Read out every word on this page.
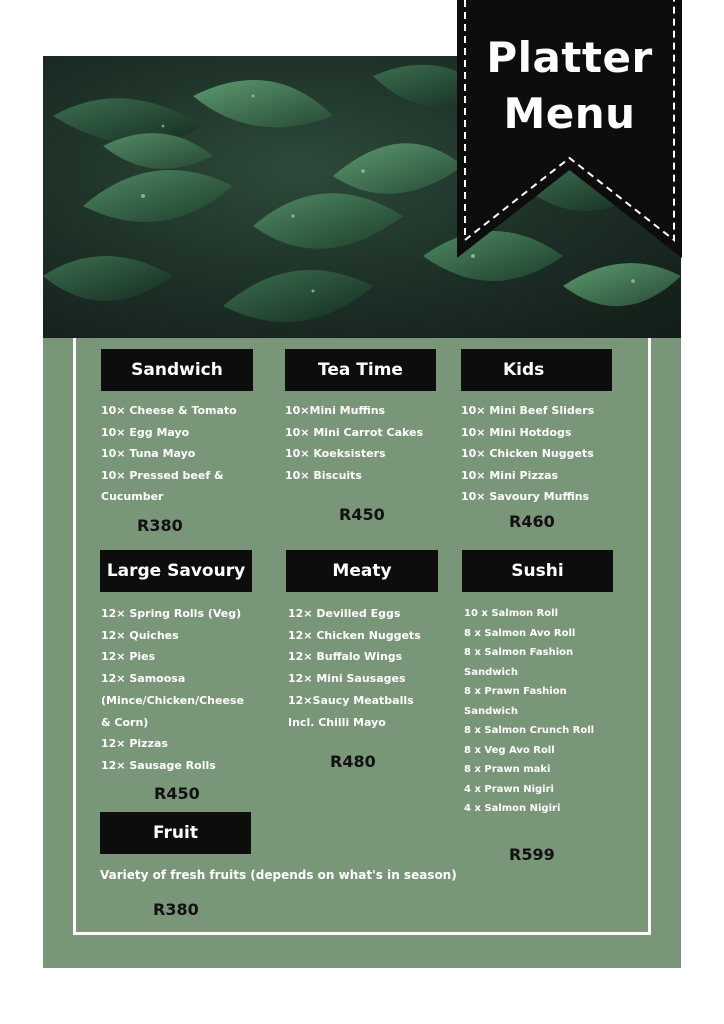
Platter
Menu
Sandwich
10× Cheese & Tomato
10× Egg Mayo
10× Tuna Mayo
10× Pressed beef &
Cucumber
R380
Tea Time
10×Mini Muffins
10× Mini Carrot Cakes
10× Koeksisters
10× Biscuits
R450
Kids
10× Mini Beef Sliders
10× Mini Hotdogs
10× Chicken Nuggets
10× Mini Pizzas
10× Savoury Muffins
R460
Large Savoury
12× Spring Rolls (Veg)
12× Quiches
12× Pies
12× Samoosa
(Mince/Chicken/Cheese
& Corn)
12× Pizzas
12× Sausage Rolls
R450
Meaty
12× Devilled Eggs
12× Chicken Nuggets
12× Buffalo Wings
12× Mini Sausages
12×Saucy Meatballs
Incl. Chilli Mayo
R480
Sushi
10 x Salmon Roll
8 x Salmon Avo Roll
8 x Salmon Fashion
Sandwich
8 x Prawn Fashion
Sandwich
8 x Salmon Crunch Roll
8 x Veg Avo Roll
8 x Prawn maki
4 x Prawn Nigiri
4 x Salmon Nigiri
R599
Fruit
Variety of fresh fruits (depends on what's in season)
R380
